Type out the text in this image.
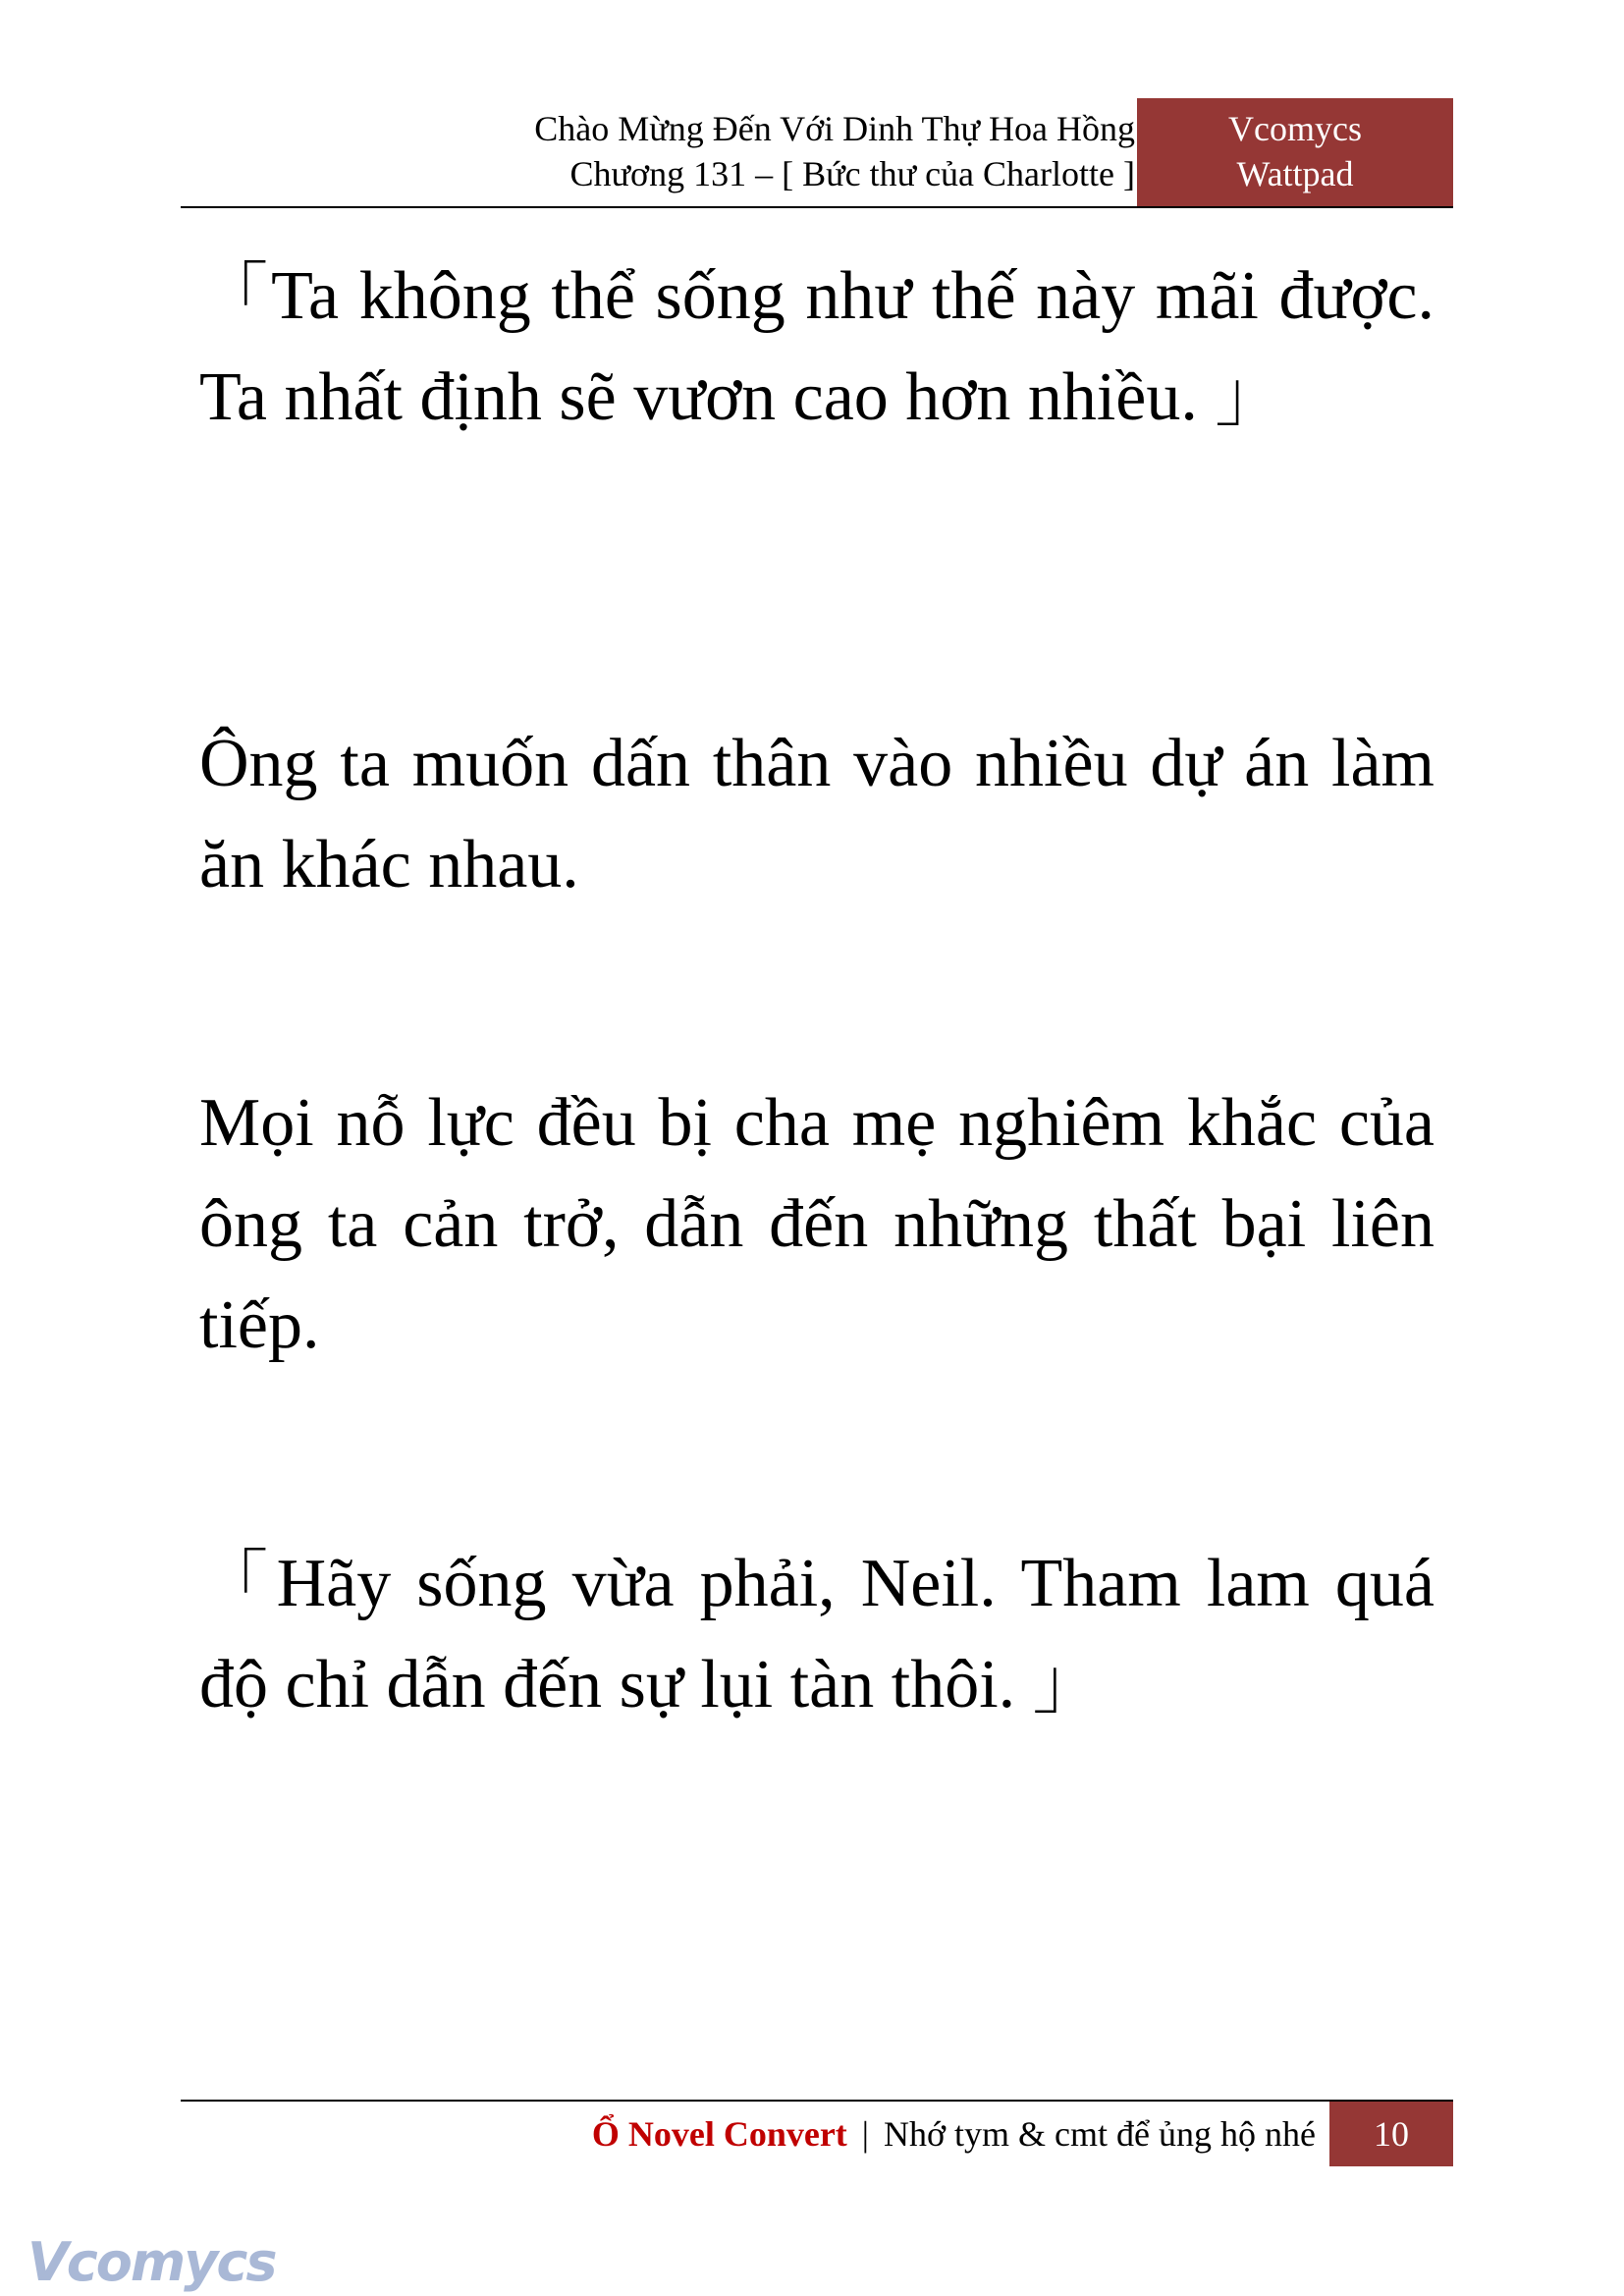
Chào Mừng Đến Với Dinh Thự Hoa Hồng
Chương 131 – [ Bức thư của Charlotte ]
Vcomycs
Wattpad

「Ta không thể sống như thế này mãi được. Ta nhất định sẽ vươn cao hơn nhiều. 」

Ông ta muốn dấn thân vào nhiều dự án làm ăn khác nhau.

Mọi nỗ lực đều bị cha mẹ nghiêm khắc của ông ta cản trở, dẫn đến những thất bại liên tiếp.

「Hãy sống vừa phải, Neil. Tham lam quá độ chỉ dẫn đến sự lụi tàn thôi. 」

Ổ Novel Convert | Nhớ tym & cmt để ủng hộ nhé	10
Vcomycs
